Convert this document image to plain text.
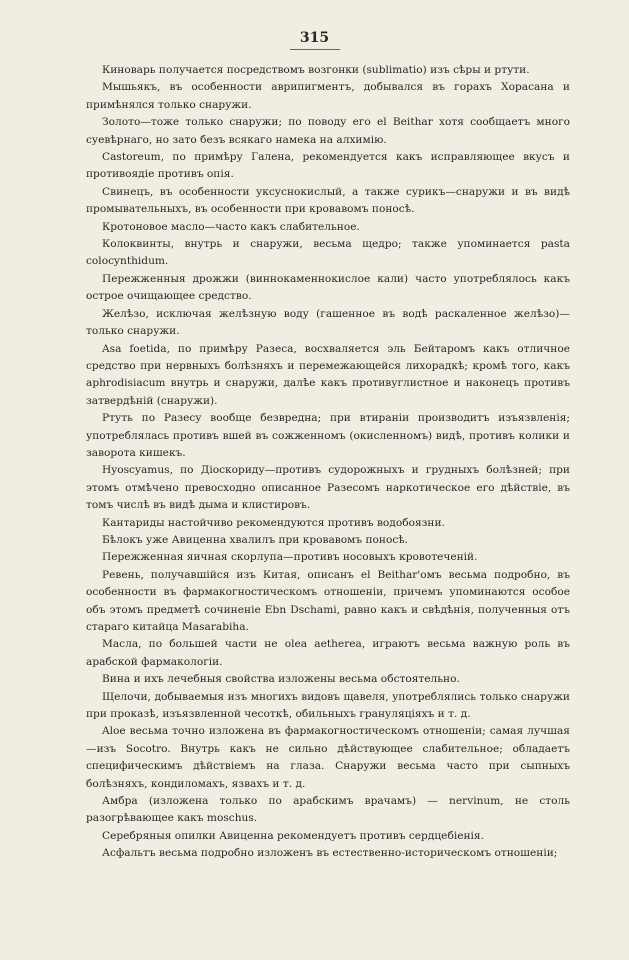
315

Киноварь получается посредствомъ возгонки (sublimatio) изъ сѣры и ртути.

Мышьякъ, въ особенности аврипигментъ, добывался въ горахъ Хорасана и примѣнялся только снаружи.

Золото—тоже только снаружи; по поводу его el Beithar хотя сообщаетъ много суевѣрнаго, но зато безъ всякаго намека на алхимію.

Castoreum, по примѣру Галена, рекомендуется какъ исправляющее вкусъ и противоядіе противъ опія.

Свинецъ, въ особенности уксуснокислый, а также сурикъ—снаружи и въ видѣ промывательныхъ, въ особенности при кровавомъ поносѣ.

Кротоновое масло—часто какъ слабительное.

Колоквинты, внутрь и снаружи, весьма щедро; также упоминается pasta colocynthidum.

Пережженныя дрожжи (виннокаменнокислое кали) часто употреблялось какъ острое очищающее средство.

Желѣзо, исключая желѣзную воду (гашенное въ водѣ раскаленное желѣзо)—только снаружи.

Asa foetida, по примѣру Разеса, восхваляется эль Бейтаромъ какъ отличное средство при нервныхъ болѣзняхъ и перемежающейся лихорадкѣ; кромѣ того, какъ aphrodisiacum внутрь и снаружи, далѣе какъ противуглистное и наконецъ противъ затвердѣній (снаружи).

Ртуть по Разесу вообще безвредна; при втираніи производитъ изъязвленія; употреблялась противъ вшей въ сожженномъ (окисленномъ) видѣ, противъ колики и заворота кишекъ.

Hyoscyamus, по Діоскориду—противъ судорожныхъ и грудныхъ болѣзней; при этомъ отмѣчено превосходно описанное Разесомъ наркотическое его дѣйствіе, въ томъ числѣ въ видѣ дыма и клистировъ.

Кантариды настойчиво рекомендуются противъ водобоязни.

Бѣлокъ уже Авиценна хвалилъ при кровавомъ поносѣ.

Пережженная яичная скорлупа—противъ носовыхъ кровотеченій.

Ревень, получавшійся изъ Китая, описанъ el Beithar'омъ весьма подробно, въ особенности въ фармакогностическомъ отношеніи, причемъ упоминаются особое объ этомъ предметѣ сочиненіе Ebn Dschami, равно какъ и свѣдѣнія, полученныя отъ стараго китайца Masarabiha.

Масла, по большей части не olea aetherea, играютъ весьма важную роль въ арабской фармакологіи.

Вина и ихъ лечебныя свойства изложены весьма обстоятельно.

Щелочи, добываемыя изъ многихъ видовъ щавеля, употреблялись только снаружи при проказѣ, изъязвленной чесоткѣ, обильныхъ грануляціяхъ и т. д.

Aloe весьма точно изложена въ фармакогностическомъ отношеніи; самая лучшая—изъ Socotro. Внутрь какъ не сильно дѣйствующее слабительное; обладаетъ специфическимъ дѣйствіемъ на глаза. Снаружи весьма часто при сыпныхъ болѣзняхъ, кондиломахъ, язвахъ и т. д.

Амбра (изложена только по арабскимъ врачамъ) — nervinum, не столь разогрѣвающее какъ moschus.

Серебряныя опилки Авиценна рекомендуетъ противъ сердцебіенія.

Асфальтъ весьма подробно изложенъ въ естественно-историческомъ отношеніи;
